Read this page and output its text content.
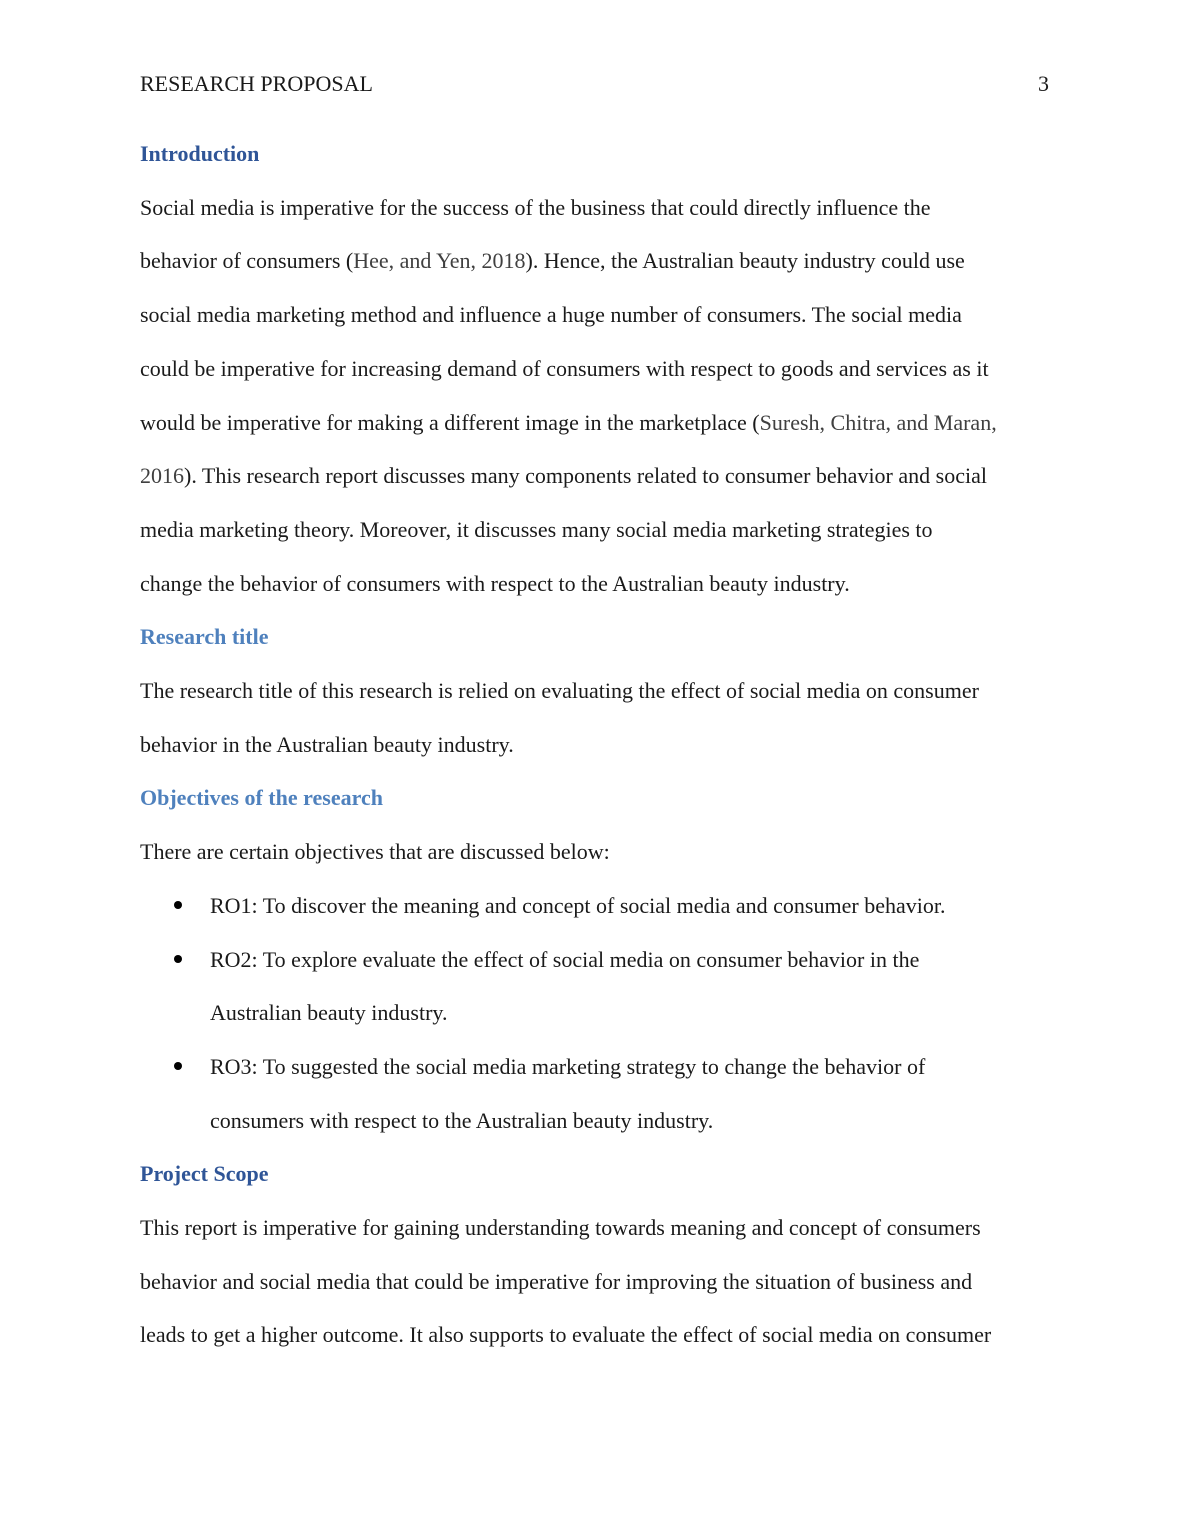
RESEARCH PROPOSAL	3
Introduction
Social media is imperative for the success of the business that could directly influence the
behavior of consumers (Hee, and Yen, 2018). Hence, the Australian beauty industry could use
social media marketing method and influence a huge number of consumers. The social media
could be imperative for increasing demand of consumers with respect to goods and services as it
would be imperative for making a different image in the marketplace (Suresh, Chitra, and Maran,
2016). This research report discusses many components related to consumer behavior and social
media marketing theory. Moreover, it discusses many social media marketing strategies to
change the behavior of consumers with respect to the Australian beauty industry.
Research title
The research title of this research is relied on evaluating the effect of social media on consumer
behavior in the Australian beauty industry.
Objectives of the research
There are certain objectives that are discussed below:
RO1: To discover the meaning and concept of social media and consumer behavior.
RO2: To explore evaluate the effect of social media on consumer behavior in the
Australian beauty industry.
RO3: To suggested the social media marketing strategy to change the behavior of
consumers with respect to the Australian beauty industry.
Project Scope
This report is imperative for gaining understanding towards meaning and concept of consumers
behavior and social media that could be imperative for improving the situation of business and
leads to get a higher outcome. It also supports to evaluate the effect of social media on consumer
